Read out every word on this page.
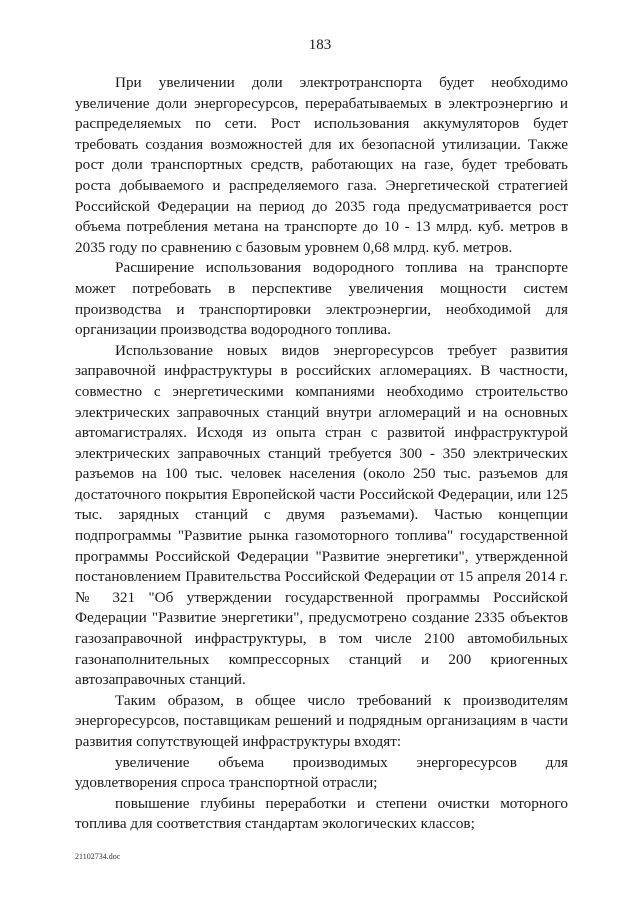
183

При увеличении доли электротранспорта будет необходимо увеличение доли энергоресурсов, перерабатываемых в электроэнергию и распределяемых по сети. Рост использования аккумуляторов будет требовать создания возможностей для их безопасной утилизации. Также рост доли транспортных средств, работающих на газе, будет требовать роста добываемого и распределяемого газа. Энергетической стратегией Российской Федерации на период до 2035 года предусматривается рост объема потребления метана на транспорте до 10 - 13 млрд. куб. метров в 2035 году по сравнению с базовым уровнем 0,68 млрд. куб. метров.

Расширение использования водородного топлива на транспорте может потребовать в перспективе увеличения мощности систем производства и транспортировки электроэнергии, необходимой для организации производства водородного топлива.

Использование новых видов энергоресурсов требует развития заправочной инфраструктуры в российских агломерациях. В частности, совместно с энергетическими компаниями необходимо строительство электрических заправочных станций внутри агломераций и на основных автомагистралях. Исходя из опыта стран с развитой инфраструктурой электрических заправочных станций требуется 300 - 350 электрических разъемов на 100 тыс. человек населения (около 250 тыс. разъемов для достаточного покрытия Европейской части Российской Федерации, или 125 тыс. зарядных станций с двумя разъемами). Частью концепции подпрограммы "Развитие рынка газомоторного топлива" государственной программы Российской Федерации "Развитие энергетики", утвержденной постановлением Правительства Российской Федерации от 15 апреля 2014 г. № 321 "Об утверждении государственной программы Российской Федерации "Развитие энергетики", предусмотрено создание 2335 объектов газозаправочной инфраструктуры, в том числе 2100 автомобильных газонаполнительных компрессорных станций и 200 криогенных автозаправочных станций.

Таким образом, в общее число требований к производителям энергоресурсов, поставщикам решений и подрядным организациям в части развития сопутствующей инфраструктуры входят:

увеличение объема производимых энергоресурсов для удовлетворения спроса транспортной отрасли;

повышение глубины переработки и степени очистки моторного топлива для соответствия стандартам экологических классов;

21102734.doc
